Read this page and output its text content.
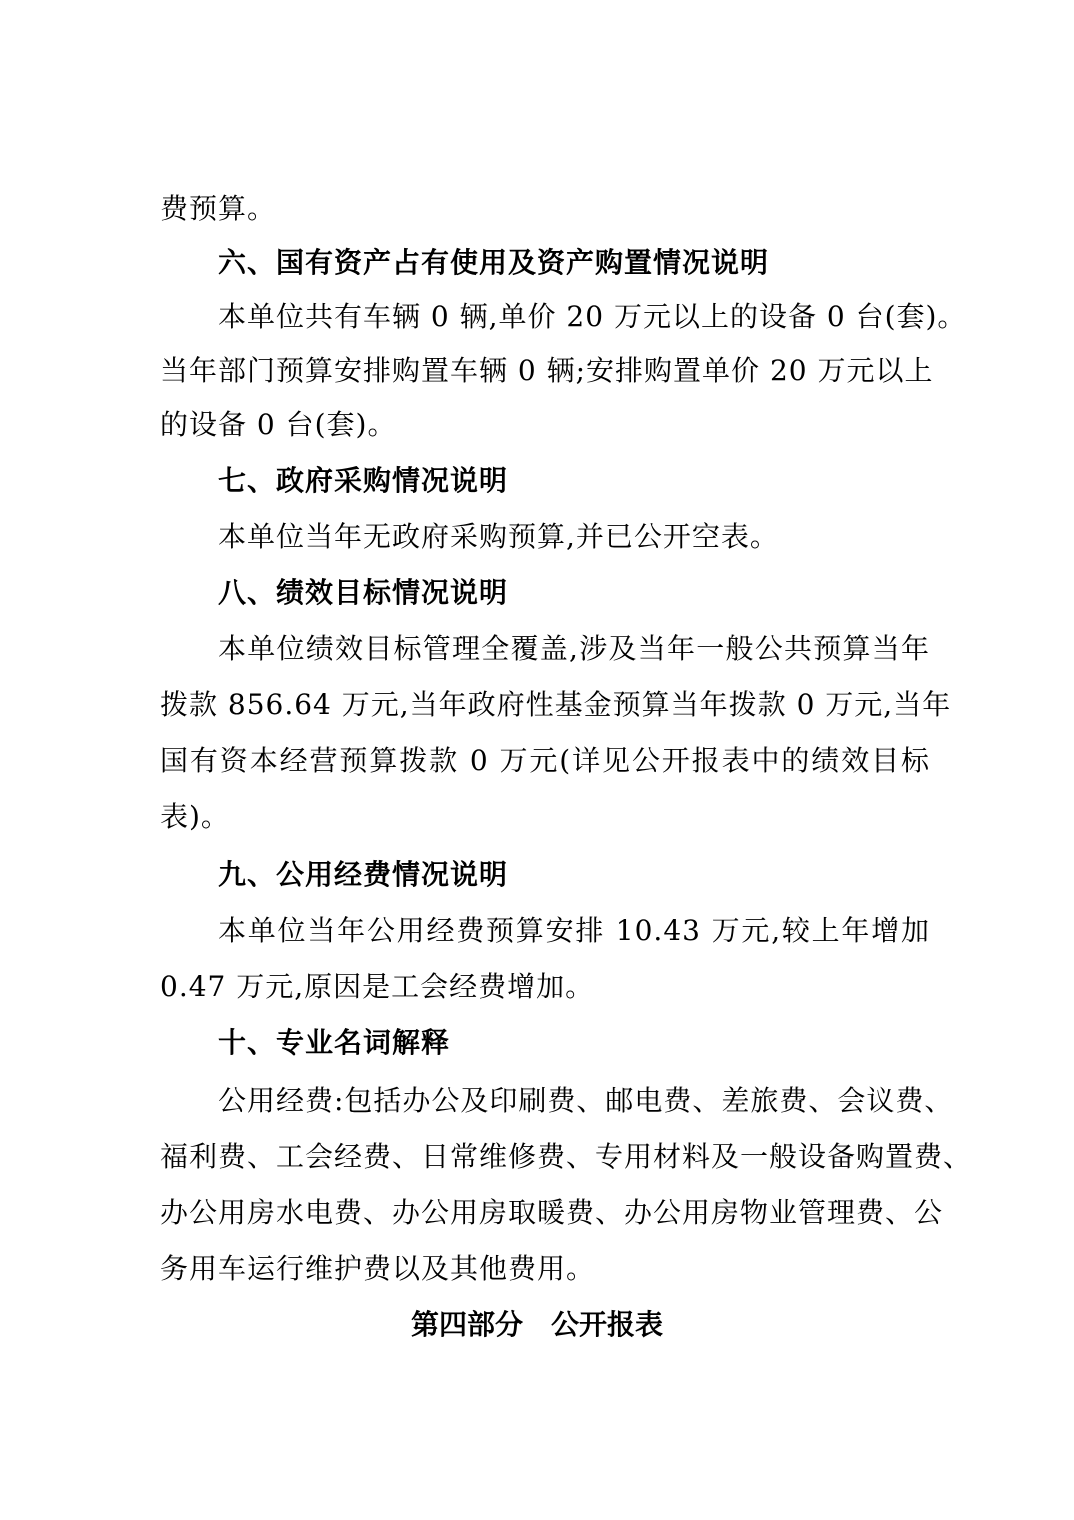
费预算。
六、国有资产占有使用及资产购置情况说明
本单位共有车辆 0 辆,单价 20 万元以上的设备 0 台(套)。
当年部门预算安排购置车辆 0 辆;安排购置单价 20 万元以上
的设备 0 台(套)。
七、政府采购情况说明
本单位当年无政府采购预算,并已公开空表。
八、绩效目标情况说明
本单位绩效目标管理全覆盖,涉及当年一般公共预算当年
拨款 856.64 万元,当年政府性基金预算当年拨款 0 万元,当年
国有资本经营预算拨款 0 万元(详见公开报表中的绩效目标
表)。
九、公用经费情况说明
本单位当年公用经费预算安排 10.43 万元,较上年增加
0.47 万元,原因是工会经费增加。
十、专业名词解释
公用经费:包括办公及印刷费、邮电费、差旅费、会议费、
福利费、工会经费、日常维修费、专用材料及一般设备购置费、
办公用房水电费、办公用房取暖费、办公用房物业管理费、公
务用车运行维护费以及其他费用。
第四部分　公开报表
